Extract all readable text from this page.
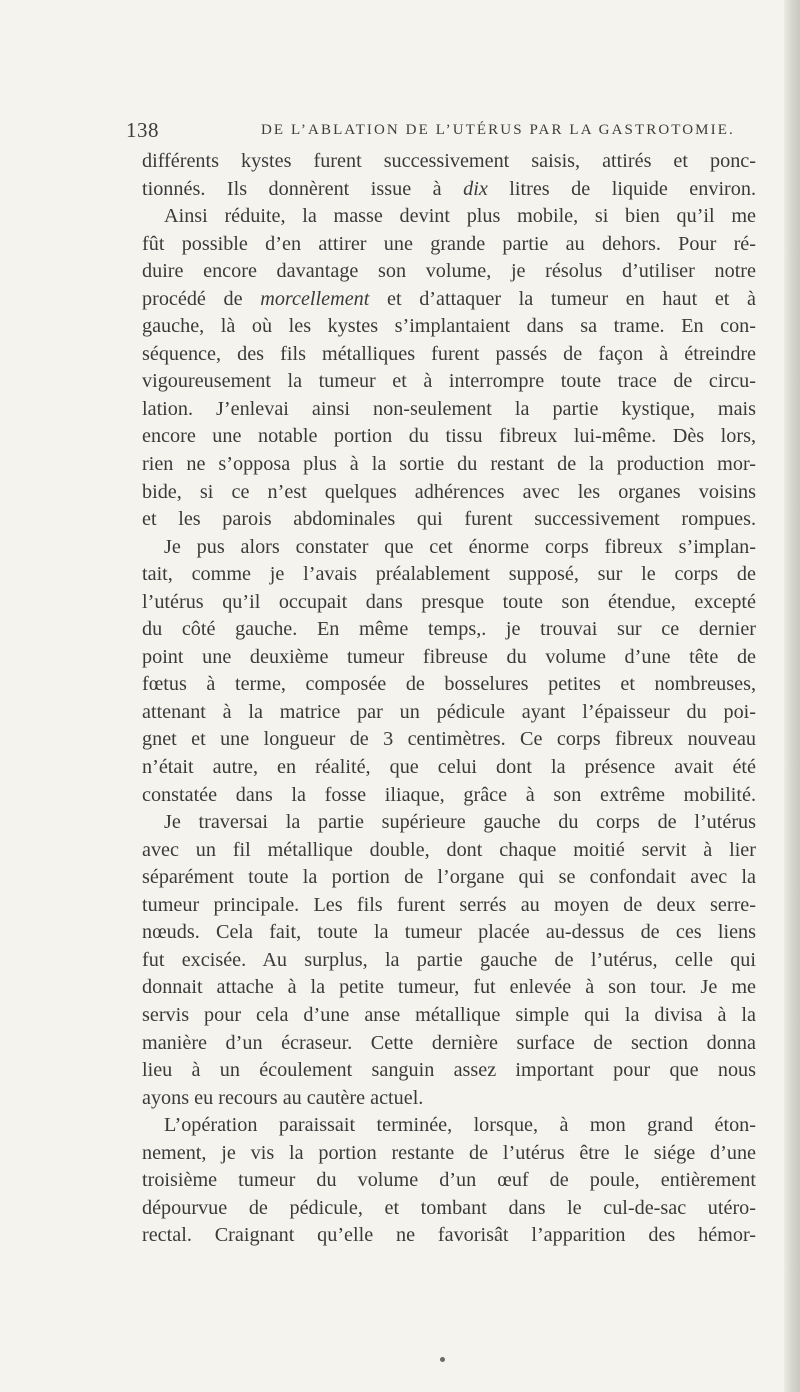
138	DE L’ABLATION DE L’UTÉRUS PAR LA GASTROTOMIE.
différents kystes furent successivement saisis, attirés et ponc-
tionnés. Ils donnèrent issue à dix litres de liquide environ.
Ainsi réduite, la masse devint plus mobile, si bien qu’il me
fût possible d’en attirer une grande partie au dehors. Pour ré-
duire encore davantage son volume, je résolus d’utiliser notre
procédé de morcellement et d’attaquer la tumeur en haut et à
gauche, là où les kystes s’implantaient dans sa trame. En con-
séquence, des fils métalliques furent passés de façon à étreindre
vigoureusement la tumeur et à interrompre toute trace de circu-
lation. J’enlevai ainsi non-seulement la partie kystique, mais
encore une notable portion du tissu fibreux lui-même. Dès lors,
rien ne s’opposa plus à la sortie du restant de la production mor-
bide, si ce n’est quelques adhérences avec les organes voisins
et les parois abdominales qui furent successivement rompues.
Je pus alors constater que cet énorme corps fibreux s’implan-
tait, comme je l’avais préalablement supposé, sur le corps de
l’utérus qu’il occupait dans presque toute son étendue, excepté
du côté gauche. En même temps,. je trouvai sur ce dernier
point une deuxième tumeur fibreuse du volume d’une tête de
fœtus à terme, composée de bosselures petites et nombreuses,
attenant à la matrice par un pédicule ayant l’épaisseur du poi-
gnet et une longueur de 3 centimètres. Ce corps fibreux nouveau
n’était autre, en réalité, que celui dont la présence avait été
constatée dans la fosse iliaque, grâce à son extrême mobilité.
Je traversai la partie supérieure gauche du corps de l’utérus
avec un fil métallique double, dont chaque moitié servit à lier
séparément toute la portion de l’organe qui se confondait avec la
tumeur principale. Les fils furent serrés au moyen de deux serre-
nœuds. Cela fait, toute la tumeur placée au-dessus de ces liens
fut excisée. Au surplus, la partie gauche de l’utérus, celle qui
donnait attache à la petite tumeur, fut enlevée à son tour. Je me
servis pour cela d’une anse métallique simple qui la divisa à la
manière d’un écraseur. Cette dernière surface de section donna
lieu à un écoulement sanguin assez important pour que nous
ayons eu recours au cautère actuel.
L’opération paraissait terminée, lorsque, à mon grand éton-
nement, je vis la portion restante de l’utérus être le siége d’une
troisième tumeur du volume d’un œuf de poule, entièrement
dépourvue de pédicule, et tombant dans le cul-de-sac utéro-
rectal. Craignant qu’elle ne favorisât l’apparition des hémor-
